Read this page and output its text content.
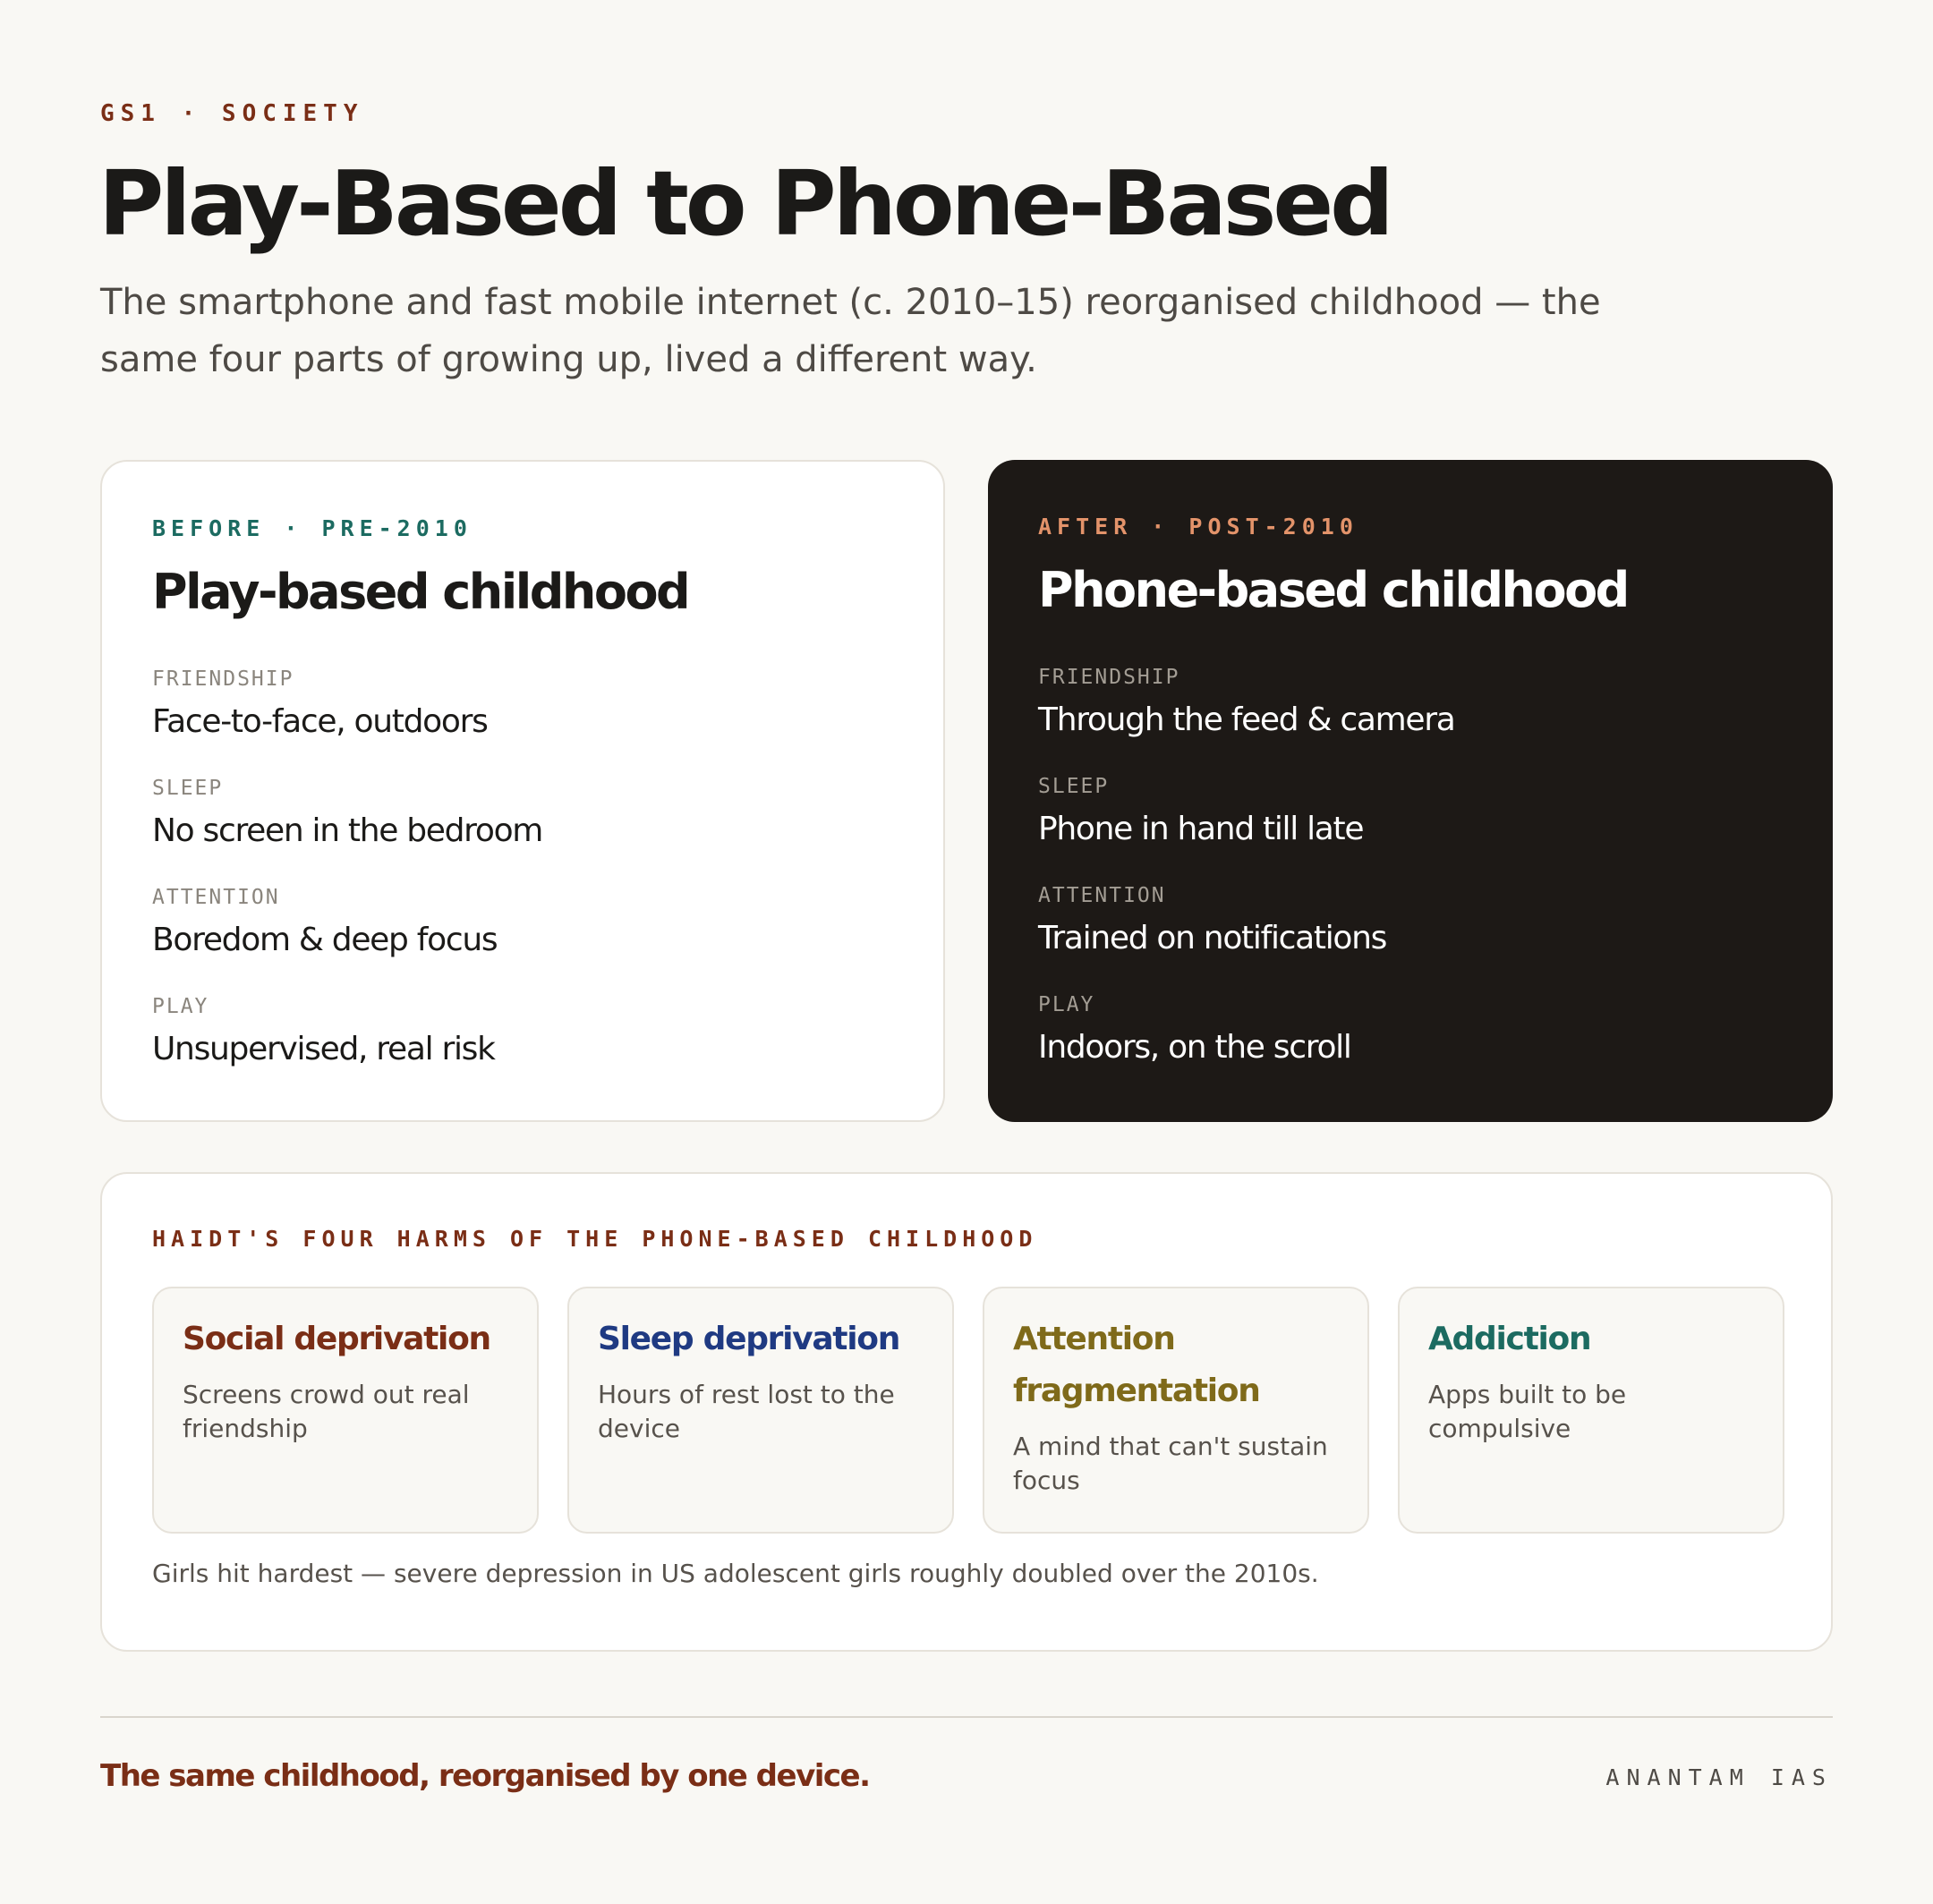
GS1 · SOCIETY
Play-Based to Phone-Based

The smartphone and fast mobile internet (c. 2010–15) reorganised childhood — the same four parts of growing up, lived a different way.

BEFORE · PRE-2010
Play-based childhood
FRIENDSHIP
Face-to-face, outdoors
SLEEP
No screen in the bedroom
ATTENTION
Boredom & deep focus
PLAY
Unsupervised, real risk
AFTER · POST-2010
Phone-based childhood
FRIENDSHIP
Through the feed & camera
SLEEP
Phone in hand till late
ATTENTION
Trained on notifications
PLAY
Indoors, on the scroll
HAIDT'S FOUR HARMS OF THE PHONE-BASED CHILDHOOD
Social deprivation
Screens crowd out real friendship
Sleep deprivation
Hours of rest lost to the device
Attention fragmentation
A mind that can't sustain focus
Addiction
Apps built to be compulsive
Girls hit hardest — severe depression in US adolescent girls roughly doubled over the 2010s.
The same childhood, reorganised by one device.	ANANTAM IAS
